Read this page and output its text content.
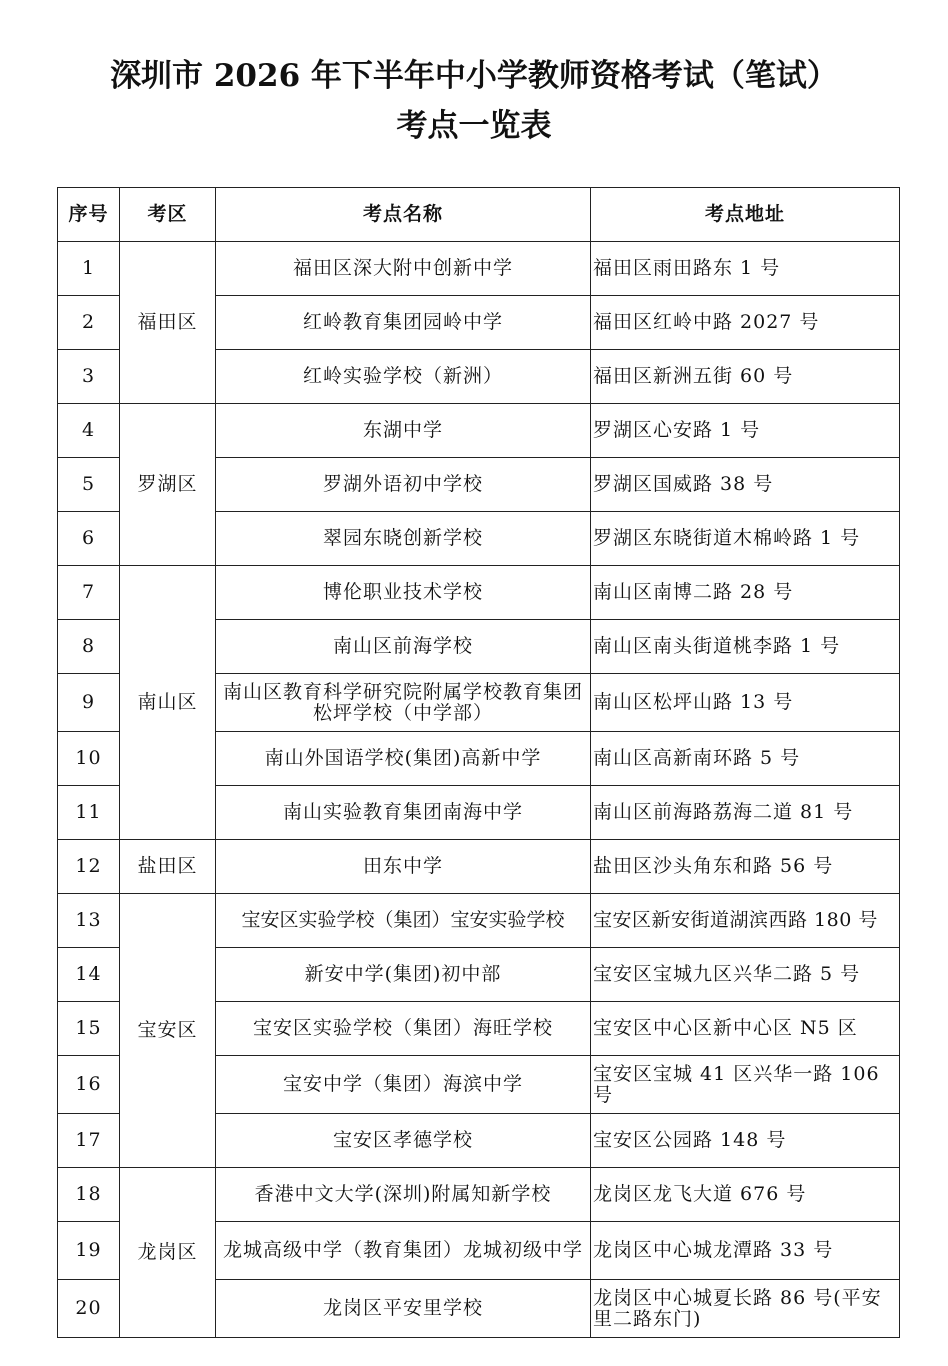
深圳市 2026 年下半年中小学教师资格考试（笔试）
考点一览表
序号	考区	考点名称	考点地址
1	福田区	福田区深大附中创新中学	福田区雨田路东 1 号
2		红岭教育集团园岭中学	福田区红岭中路 2027 号
3		红岭实验学校（新洲）	福田区新洲五街 60 号
4	罗湖区	东湖中学	罗湖区心安路 1 号
5		罗湖外语初中学校	罗湖区国威路 38 号
6		翠园东晓创新学校	罗湖区东晓街道木棉岭路 1 号
7	南山区	博伦职业技术学校	南山区南博二路 28 号
8		南山区前海学校	南山区南头街道桃李路 1 号
9		南山区教育科学研究院附属学校教育集团松坪学校（中学部）	南山区松坪山路 13 号
10		南山外国语学校(集团)高新中学	南山区高新南环路 5 号
11		南山实验教育集团南海中学	南山区前海路荔海二道 81 号
12	盐田区	田东中学	盐田区沙头角东和路 56 号
13	宝安区	宝安区实验学校（集团）宝安实验学校	宝安区新安街道湖滨西路 180 号
14		新安中学(集团)初中部	宝安区宝城九区兴华二路 5 号
15		宝安区实验学校（集团）海旺学校	宝安区中心区新中心区 N5 区
16		宝安中学（集团）海滨中学	宝安区宝城 41 区兴华一路 106 号
17		宝安区孝德学校	宝安区公园路 148 号
18	龙岗区	香港中文大学(深圳)附属知新学校	龙岗区龙飞大道 676 号
19		龙城高级中学（教育集团）龙城初级中学	龙岗区中心城龙潭路 33 号
20		龙岗区平安里学校	龙岗区中心城夏长路 86 号(平安里二路东门)
